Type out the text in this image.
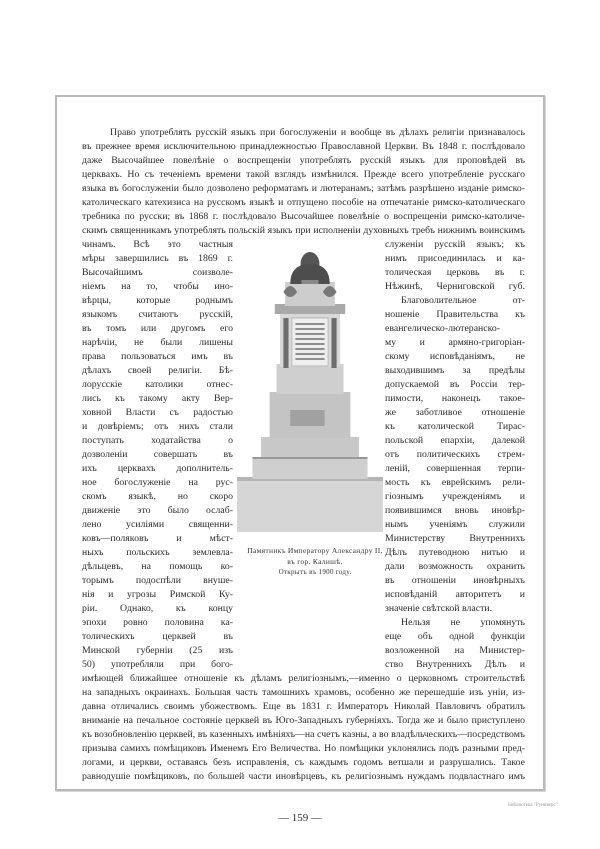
Право употреблять русскій языкъ при богослуженіи и вообще въ дѣлахъ религіи признавалось
въ прежнее время исключительною принадлежностью Православной Церкви. Въ 1848 г. послѣдовало
даже Высочайшее повелѣніе о воспрещеніи употреблять русскій языкъ для проповѣдей въ
церквахъ. Но съ теченіемъ времени такой взглядъ измѣнился. Прежде всего употребленіе русскаго
языка въ богослуженіи было дозволено реформатамъ и лютеранамъ; затѣмъ разрѣшено изданіе римско-
католическаго катехизиса на русскомъ языкѣ и отпущено пособіе на отпечатаніе римско-католическаго
требника по русски; въ 1868 г. послѣдовало Высочайшее повелѣніе о воспрещеніи римско-католиче-
скимъ священникамъ употреблять польскій языкъ при исполненіи духовныхъ требъ нижнимъ воинскимъ
чинамъ. Всѣ это частныя
мѣры завершились въ 1869 г.
Высочайшимъ соизволе-
ніемъ на то, чтобы ино-
вѣрцы, которые роднымъ
языкомъ считаютъ русскій,
въ томъ или другомъ его
нарѣчіи, не были лишены
права пользоваться имъ въ
дѣлахъ своей религіи. Бѣ-
лорусскіе католики отнес-
лись къ такому акту Вер-
ховной Власти съ радостью
и довѣріемъ; отъ нихъ стали
поступать ходатайства о
дозволеніи совершать въ
ихъ церквахъ дополнитель-
ное богослуженіе на рус-
скомъ языкѣ, но скоро
движеніе это было ослаб-
лено усиліями священни-
ковъ—поляковъ и мѣст-
ныхъ польскихъ землевла-
дѣльцевъ, на помощь ко-
торымъ подоспѣли внуше-
нія и угрозы Римской Ку-
ріи. Однако, къ концу
эпохи ровно половина ка-
толическихъ церквей въ
Минской губерніи (25 изъ
50) употребляли при бого-
служеніи русскій языкъ; къ
нимъ присоединилась и ка-
толическая церковь въ г.
Нѣжинѣ, Черниговской губ.
Благоволительное от-
ношеніе Правительства къ
евангелическо-лютеранско-
му и армяно-григоріан-
скому исповѣданіямъ, не
выходившимъ за предѣлы
допускаемой въ Россіи тер-
пимости, наконецъ такое-
же заботливое отношеніе
къ католической Тирас-
польской епархіи, далекой
отъ политическихъ стрем-
леній, совершенная терпи-
мость къ еврейскимъ рели-
гіознымъ учрежденіямъ и
появившимся вновь иновѣр-
нымъ ученіямъ служили
Министерству Внутреннихъ
Дѣлъ путеводною нитью и
дали возможность охранить
въ отношеніи иновѣрныхъ
исповѣданій авторитетъ и
значеніе свѣтской власти.
Нельзя не упомянуть
еще объ одной функціи
возложенной на Министер-
ство Внутреннихъ Дѣлъ и
имѣющей ближайшее отношеніе къ дѣламъ религіознымъ,—именно о церковномъ строительствѣ
на западныхъ окраинахъ. Большая часть тамошнихъ храмовъ, особенно же перешедшіе изъ уніи, из-
давна отличались своимъ убожествомъ. Еще въ 1831 г. Императоръ Николай Павловичъ обратилъ
вниманіе на печальное состояніе церквей въ Юго-Западныхъ губерніяхъ. Тогда же и было приступлено
къ возобновленію церквей, въ казенныхъ имѣніяхъ—на счетъ казны, а во владѣльческихъ—посредствомъ
призыва самихъ помѣщиковъ Именемъ Его Величества. Но помѣщики уклонялись подъ разными пред-
логами, и церкви, оставаясь безъ исправленія, съ каждымъ годомъ ветшали и разрушались. Такое
равнодушіе помѣщиковъ, по большей части иновѣрцевъ, къ религіознымъ нуждамъ подвластнаго имъ
Памятникъ Императору Александру II,
въ гор. Калишѣ.
Открытъ въ 1900 году.
— 159 —
Библиотека "Руниверс"
